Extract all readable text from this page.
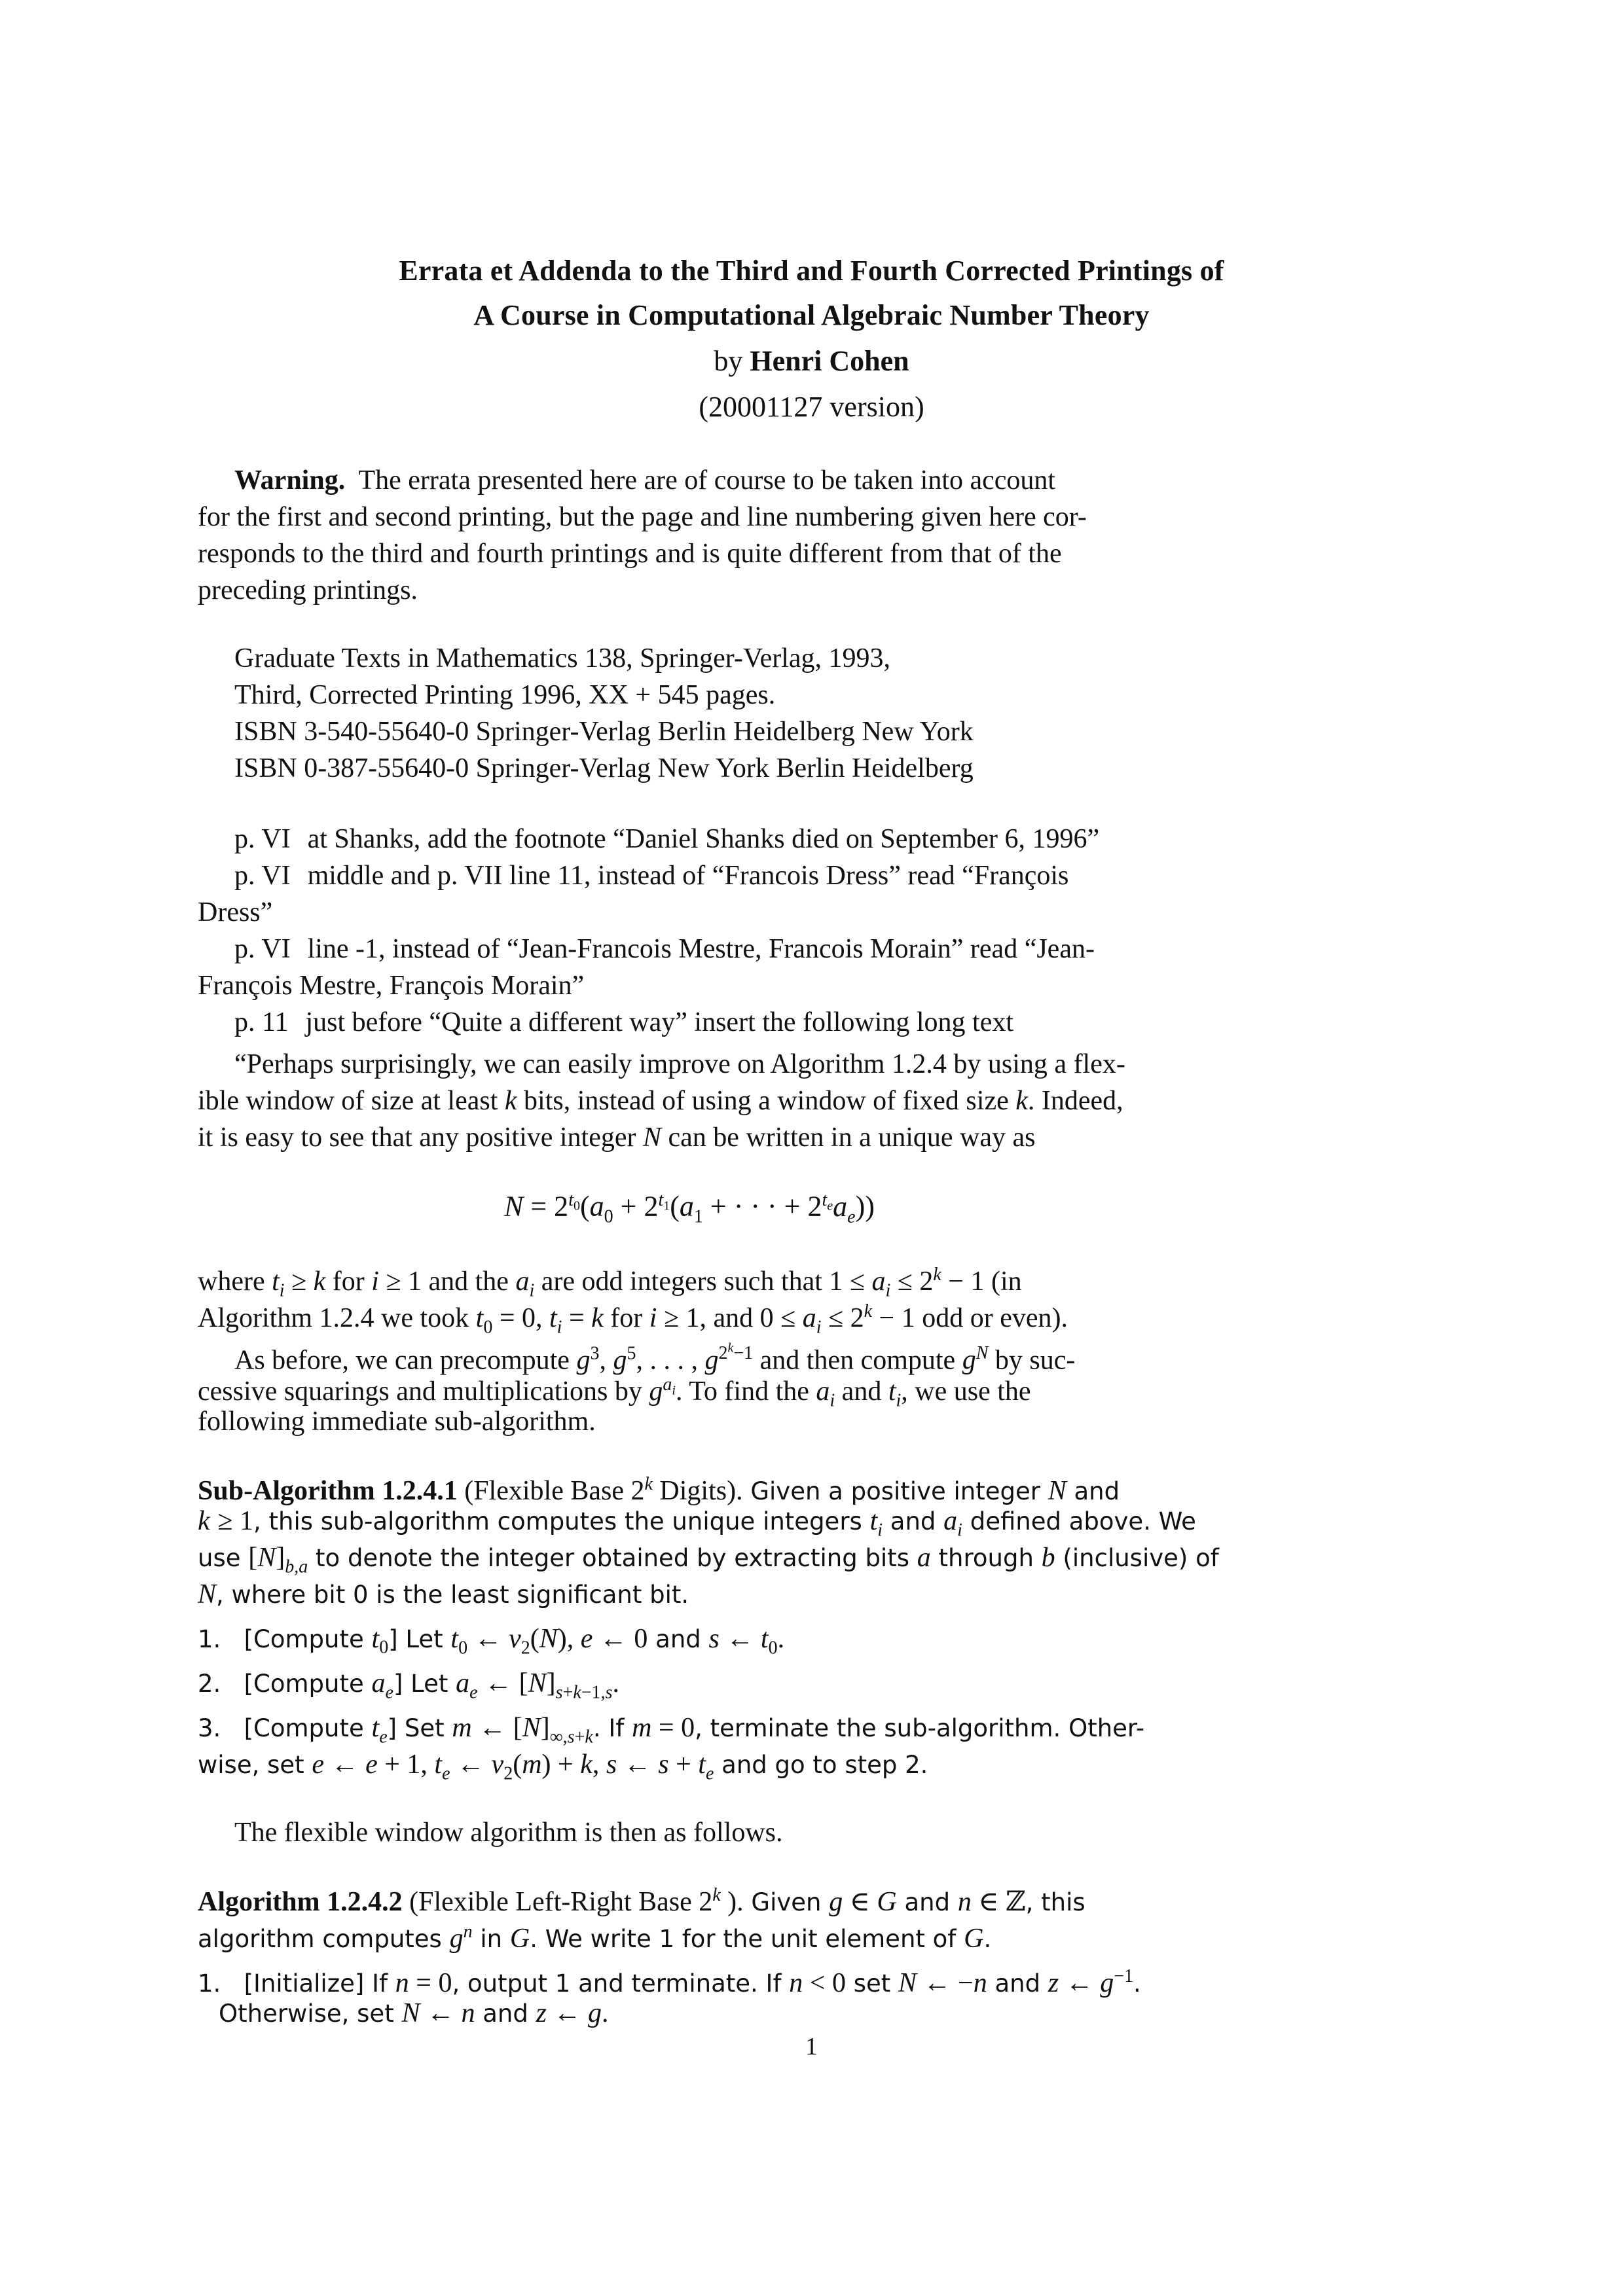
Errata et Addenda to the Third and Fourth Corrected Printings of
A Course in Computational Algebraic Number Theory
by Henri Cohen
(20001127 version)
Warning. The errata presented here are of course to be taken into account
for the first and second printing, but the page and line numbering given here cor-
responds to the third and fourth printings and is quite different from that of the
preceding printings.
Graduate Texts in Mathematics 138, Springer-Verlag, 1993,
Third, Corrected Printing 1996, XX + 545 pages.
ISBN 3-540-55640-0 Springer-Verlag Berlin Heidelberg New York
ISBN 0-387-55640-0 Springer-Verlag New York Berlin Heidelberg
p. VI at Shanks, add the footnote “Daniel Shanks died on September 6, 1996”
p. VI middle and p. VII line 11, instead of “Francois Dress” read “François
Dress”
p. VI line -1, instead of “Jean-Francois Mestre, Francois Morain” read “Jean-
François Mestre, François Morain”
p. 11 just before “Quite a different way” insert the following long text
“Perhaps surprisingly, we can easily improve on Algorithm 1.2.4 by using a flex-
ible window of size at least k bits, instead of using a window of fixed size k. Indeed,
it is easy to see that any positive integer N can be written in a unique way as
$N = 2^{t_0}(a_0 + 2^{t_1}(a_1$ + · · · + $2^{t_e}a_e$))
where $t_i \ge k$ for i ≥ 1 and the $a_i$ are odd integers such that $1 \le a_i \le 2^k - 1$ (in
Algorithm 1.2.4 we took $t_0 = 0$, $t_i = k$ for i ≥ 1, and $0 \le a_i \le 2^k - 1$ odd or even).
As before, we can precompute $g^3$, $g^5$, . . . , $g^{2^k-1}$ and then compute $g^N$ by suc-
cessive squarings and multiplications by $g^{a_i}$. To find the $a_i$ and $t_i$, we use the
following immediate sub-algorithm.
Sub-Algorithm 1.2.4.1 (Flexible Base 2$^k$ Digits). Given a positive integer N and
k ≥ 1, this sub-algorithm computes the unique integers $t_i$ and $a_i$ defined above. We
use $[N]_{b,a}$ to denote the integer obtained by extracting bits a through b (inclusive) of
N, where bit 0 is the least significant bit.
1. [Compute $t_0$] Let $t_0$ ← $v_2(N)$, e ← 0 and s ← $t_0$.
2. [Compute $a_e$] Let $a_e$ ← $[N]_{s+k-1,s}$.
3. [Compute $t_e$] Set m ← $[N]_{\infty,s+k}$. If m = 0, terminate the sub-algorithm. Other-
wise, set e ← e + 1, $t_e$ ← $v_2(m) + k$, s ← $s + t_e$ and go to step 2.
The flexible window algorithm is then as follows.
Algorithm 1.2.4.2 (Flexible Left-Right Base 2$^k$ ). Given g ∈ G and n ∈ ℤ, this
algorithm computes $g^n$ in G. We write 1 for the unit element of G.
1. [Initialize] If n = 0, output 1 and terminate. If n < 0 set N ← −n and z ← $g^{-1}$.
Otherwise, set N ← n and z ← g.
1
